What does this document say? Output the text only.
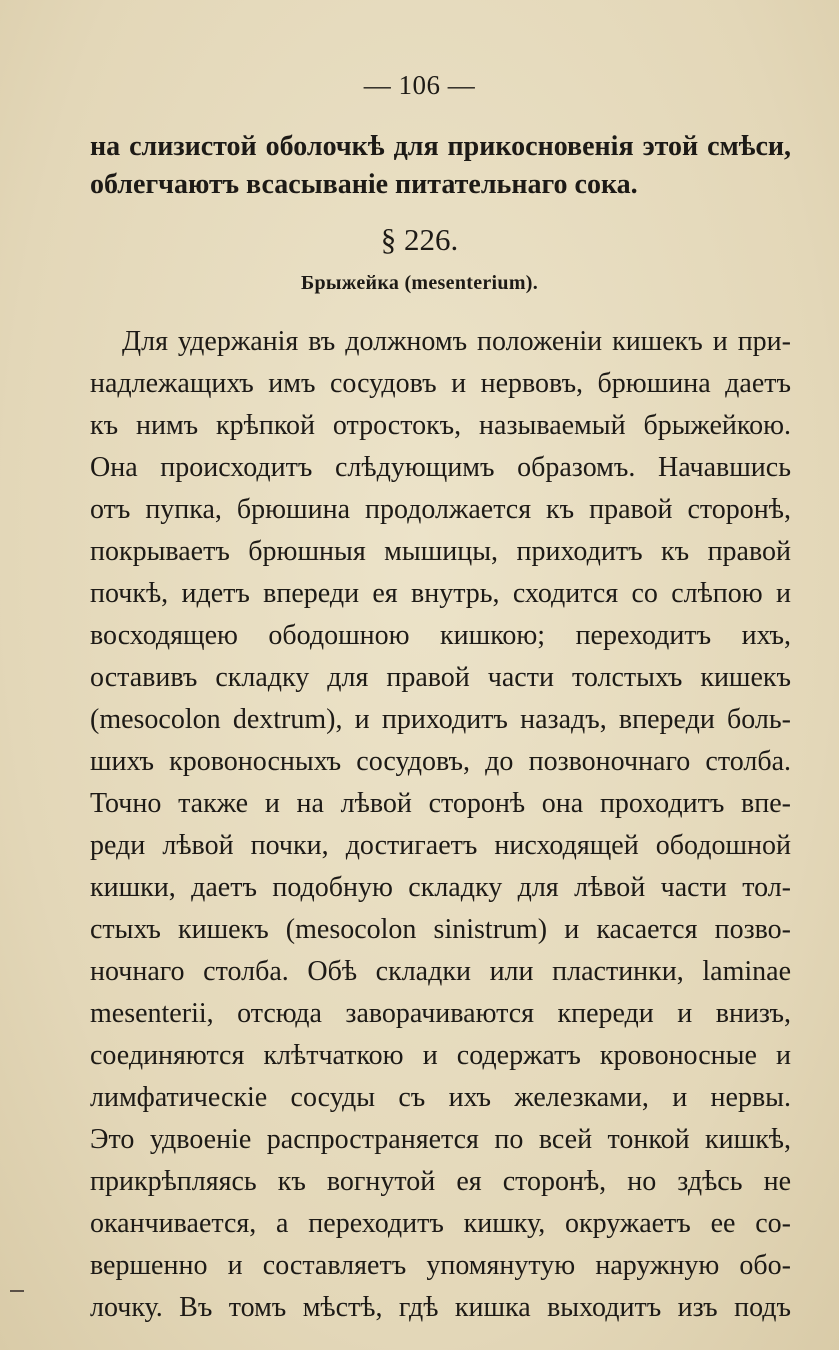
— 106 —
на слизистой оболочкѣ для прикосновенія этой смѣси,
облегчаютъ всасываніе питательнаго сока.
§ 226.
Брыжейка (mesenterium).
Для удержанія въ должномъ положеніи кишекъ и при-
надлежащихъ имъ сосудовъ и нервовъ, брюшина даетъ
къ нимъ крѣпкой отростокъ, называемый брыжейкою.
Она происходитъ слѣдующимъ образомъ. Начавшись
отъ пупка, брюшина продолжается къ правой сторонѣ,
покрываетъ брюшныя мышицы, приходитъ къ правой
почкѣ, идетъ впереди ея внутрь, сходится со слѣпою и
восходящею ободошною кишкою; переходитъ ихъ,
оставивъ складку для правой части толстыхъ кишекъ
(mesocolon dextrum), и приходитъ назадъ, впереди боль-
шихъ кровоносныхъ сосудовъ, до позвоночнаго столба.
Точно также и на лѣвой сторонѣ она проходитъ впе-
реди лѣвой почки, достигаетъ нисходящей ободошной
кишки, даетъ подобную складку для лѣвой части тол-
стыхъ кишекъ (mesocolon sinistrum) и касается позво-
ночнаго столба. Обѣ складки или пластинки, laminae
mesenterii, отсюда заворачиваются кпереди и внизъ,
соединяются клѣтчаткою и содержатъ кровоносные и
лимфатическіе сосуды съ ихъ железками, и нервы.
Это удвоеніе распространяется по всей тонкой кишкѣ,
прикрѣпляясь къ вогнутой ея сторонѣ, но здѣсь не
оканчивается, а переходитъ кишку, окружаетъ ее со-
вершенно и составляетъ упомянутую наружную обо-
лочку. Въ томъ мѣстѣ, гдѣ кишка выходитъ изъ подъ
